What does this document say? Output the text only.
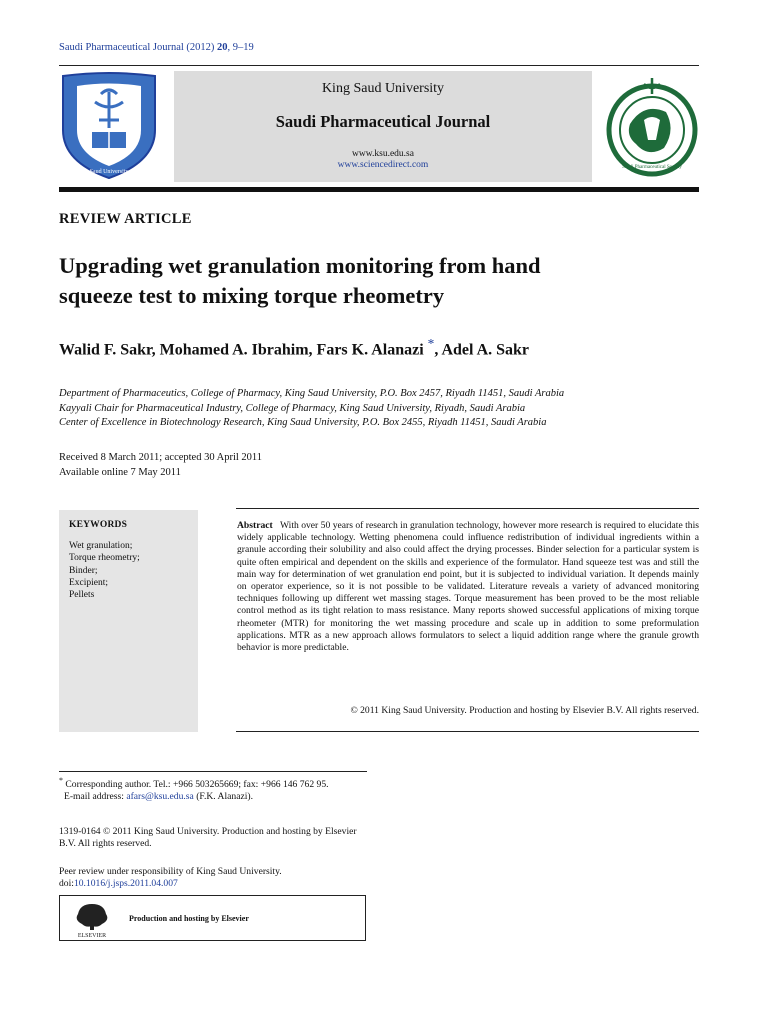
Saudi Pharmaceutical Journal (2012) 20, 9–19
King Saud University 1957
King Saud University
Saudi Pharmaceutical Journal
www.ksu.edu.sa
www.sciencedirect.com	Saudi Pharmaceutical Society
REVIEW ARTICLE
Upgrading wet granulation monitoring from hand
squeeze test to mixing torque rheometry
Walid F. Sakr, Mohamed A. Ibrahim, Fars K. Alanazi *, Adel A. Sakr
Department of Pharmaceutics, College of Pharmacy, King Saud University, P.O. Box 2457, Riyadh 11451, Saudi Arabia
Kayyali Chair for Pharmaceutical Industry, College of Pharmacy, King Saud University, Riyadh, Saudi Arabia
Center of Excellence in Biotechnology Research, King Saud University, P.O. Box 2455, Riyadh 11451, Saudi Arabia
Received 8 March 2011; accepted 30 April 2011
Available online 7 May 2011
KEYWORDS
Wet granulation;
Torque rheometry;
Binder;
Excipient;
Pellets
Abstract With over 50 years of research in granulation technology, however more research is required to elucidate this widely applicable technology. Wetting phenomena could influence redistribution of individual ingredients within a granule according their solubility and also could affect the drying processes. Binder selection for a particular system is quite often empirical and dependent on the skills and experience of the formulator. Hand squeeze test was and still the main way for determination of wet granulation end point, but it is subjected to individual variation. It depends mainly on operator experience, so it is not possible to be validated. Literature reveals a variety of advanced monitoring techniques following up different wet massing stages. Torque measurement has been proved to be the most reliable control method as its tight relation to mass resistance. Many reports showed successful applications of mixing torque rheometer (MTR) for monitoring the wet massing procedure and scale up in addition to some preformulation applications. MTR as a new approach allows formulators to select a liquid addition range where the granule growth behavior is more predictable.
© 2011 King Saud University. Production and hosting by Elsevier B.V. All rights reserved.
* Corresponding author. Tel.: +966 503265669; fax: +966 146 762 95.
E-mail address: afars@ksu.edu.sa (F.K. Alanazi).
1319-0164 © 2011 King Saud University. Production and hosting by Elsevier B.V. All rights reserved.
Peer review under responsibility of King Saud University.
doi:10.1016/j.jsps.2011.04.007
ELSEVIER
Production and hosting by Elsevier
